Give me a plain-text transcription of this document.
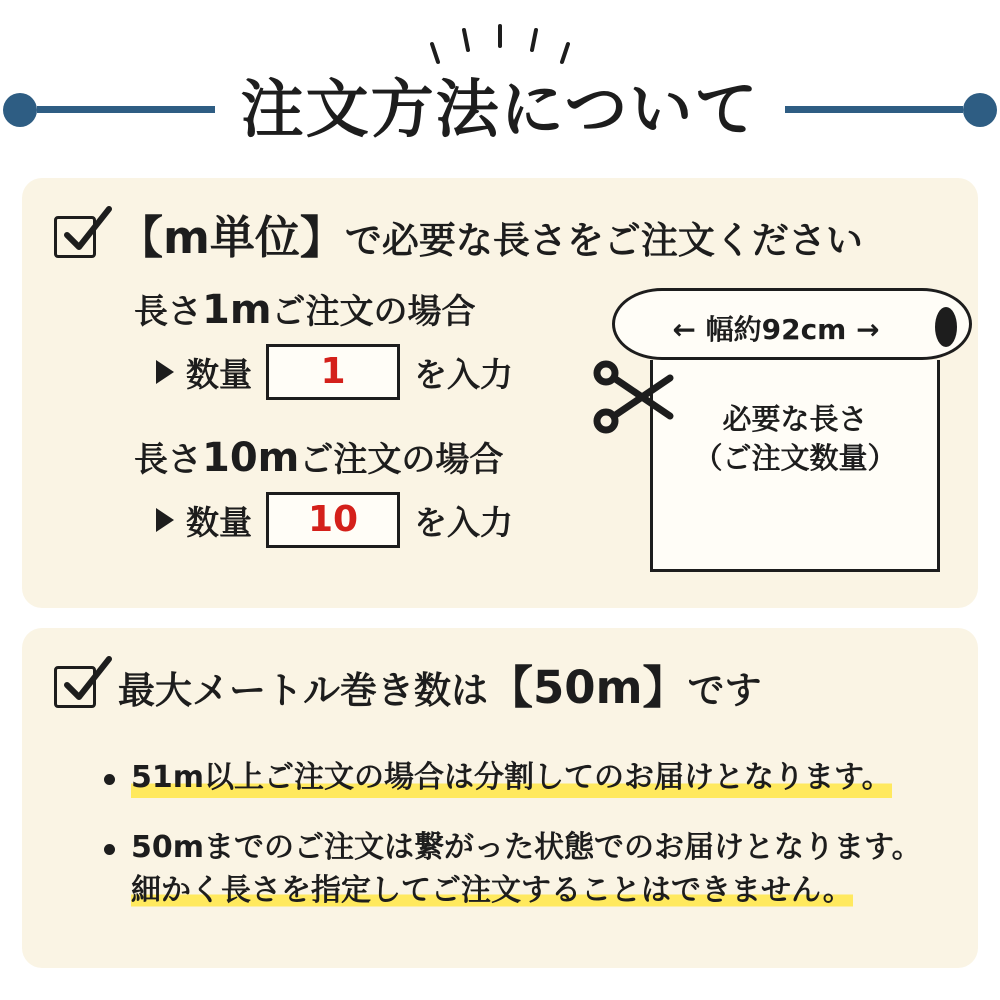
注文方法について
【m単位】で必要な長さをご注文ください
長さ1mご注文の場合
数量	1	を入力
長さ10mご注文の場合
数量	10	を入力
← 幅約92cm →
必要な長さ
（ご注文数量）
最大メートル巻き数は【50m】です
51m以上ご注文の場合は分割してのお届けとなります。
50mまでのご注文は繋がった状態でのお届けとなります。
細かく長さを指定してご注文することはできません。
